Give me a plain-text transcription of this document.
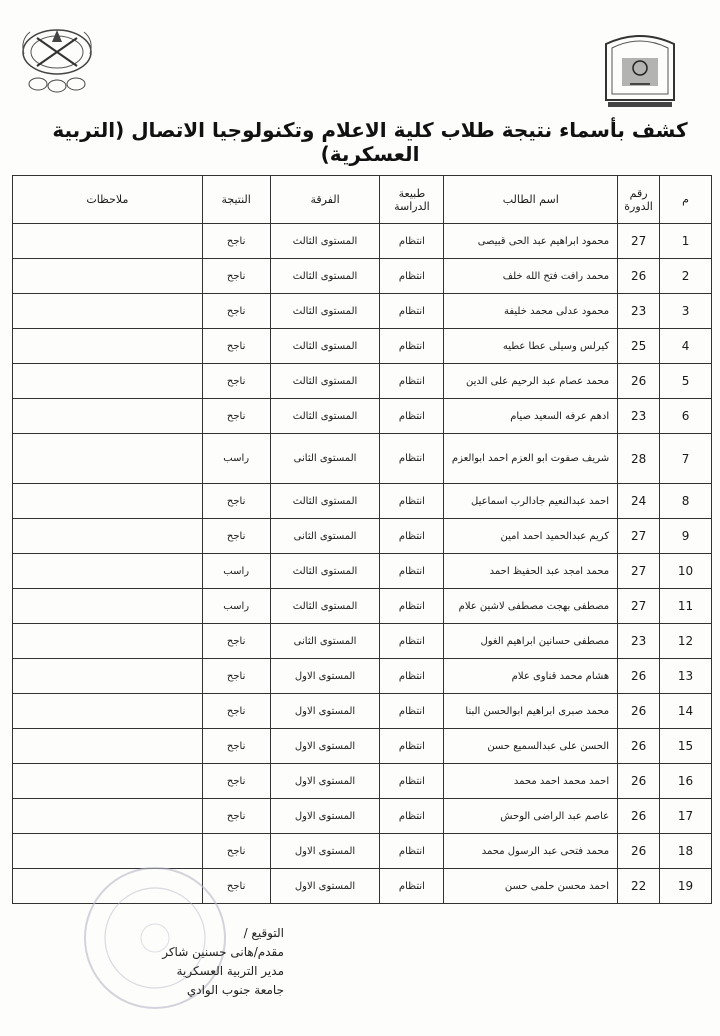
كشف بأسماء نتيجة طلاب كلية الاعلام وتكنولوجيا الاتصال (التربية العسكرية)
م	رقم الدورة	اسم الطالب	طبيعة الدراسة	الفرقة	النتيجة	ملاحظات
1	27	محمود ابراهيم عبد الحى قبيصى	انتظام	المستوى الثالث	ناجح	
2	26	محمد رافت فتح الله خلف	انتظام	المستوى الثالث	ناجح	
3	23	محمود عدلى محمد خليفة	انتظام	المستوى الثالث	ناجح	
4	25	كيرلس وسيلى عطا عطيه	انتظام	المستوى الثالث	ناجح	
5	26	محمد عصام عبد الرحيم على الدين	انتظام	المستوى الثالث	ناجح	
6	23	ادهم عرفه السعيد صيام	انتظام	المستوى الثالث	ناجح	
7	28	شريف صفوت ابو العزم احمد ابوالعزم	انتظام	المستوى الثانى	راسب	
8	24	احمد عبدالنعيم جادالرب اسماعيل	انتظام	المستوى الثالث	ناجح	
9	27	كريم عبدالحميد احمد امين	انتظام	المستوى الثانى	ناجح	
10	27	محمد امجد عبد الحفيظ احمد	انتظام	المستوى الثالث	راسب	
11	27	مصطفى بهجت مصطفى لاشين علام	انتظام	المستوى الثالث	راسب	
12	23	مصطفى حسانين ابراهيم الغول	انتظام	المستوى الثانى	ناجح	
13	26	هشام محمد قناوى علام	انتظام	المستوى الاول	ناجح	
14	26	محمد صبرى ابراهيم ابوالحسن البنا	انتظام	المستوى الاول	ناجح	
15	26	الحسن على عبدالسميع حسن	انتظام	المستوى الاول	ناجح	
16	26	احمد محمد احمد محمد	انتظام	المستوى الاول	ناجح	
17	26	عاصم عبد الراضى الوحش	انتظام	المستوى الاول	ناجح	
18	26	محمد فتحى عبد الرسول محمد	انتظام	المستوى الاول	ناجح	
19	22	احمد محسن حلمى حسن	انتظام	المستوى الاول	ناجح	
التوقيع /
مقدم/هانى حسنين شاكر
مدير التربية العسكرية
جامعة جنوب الوادي
